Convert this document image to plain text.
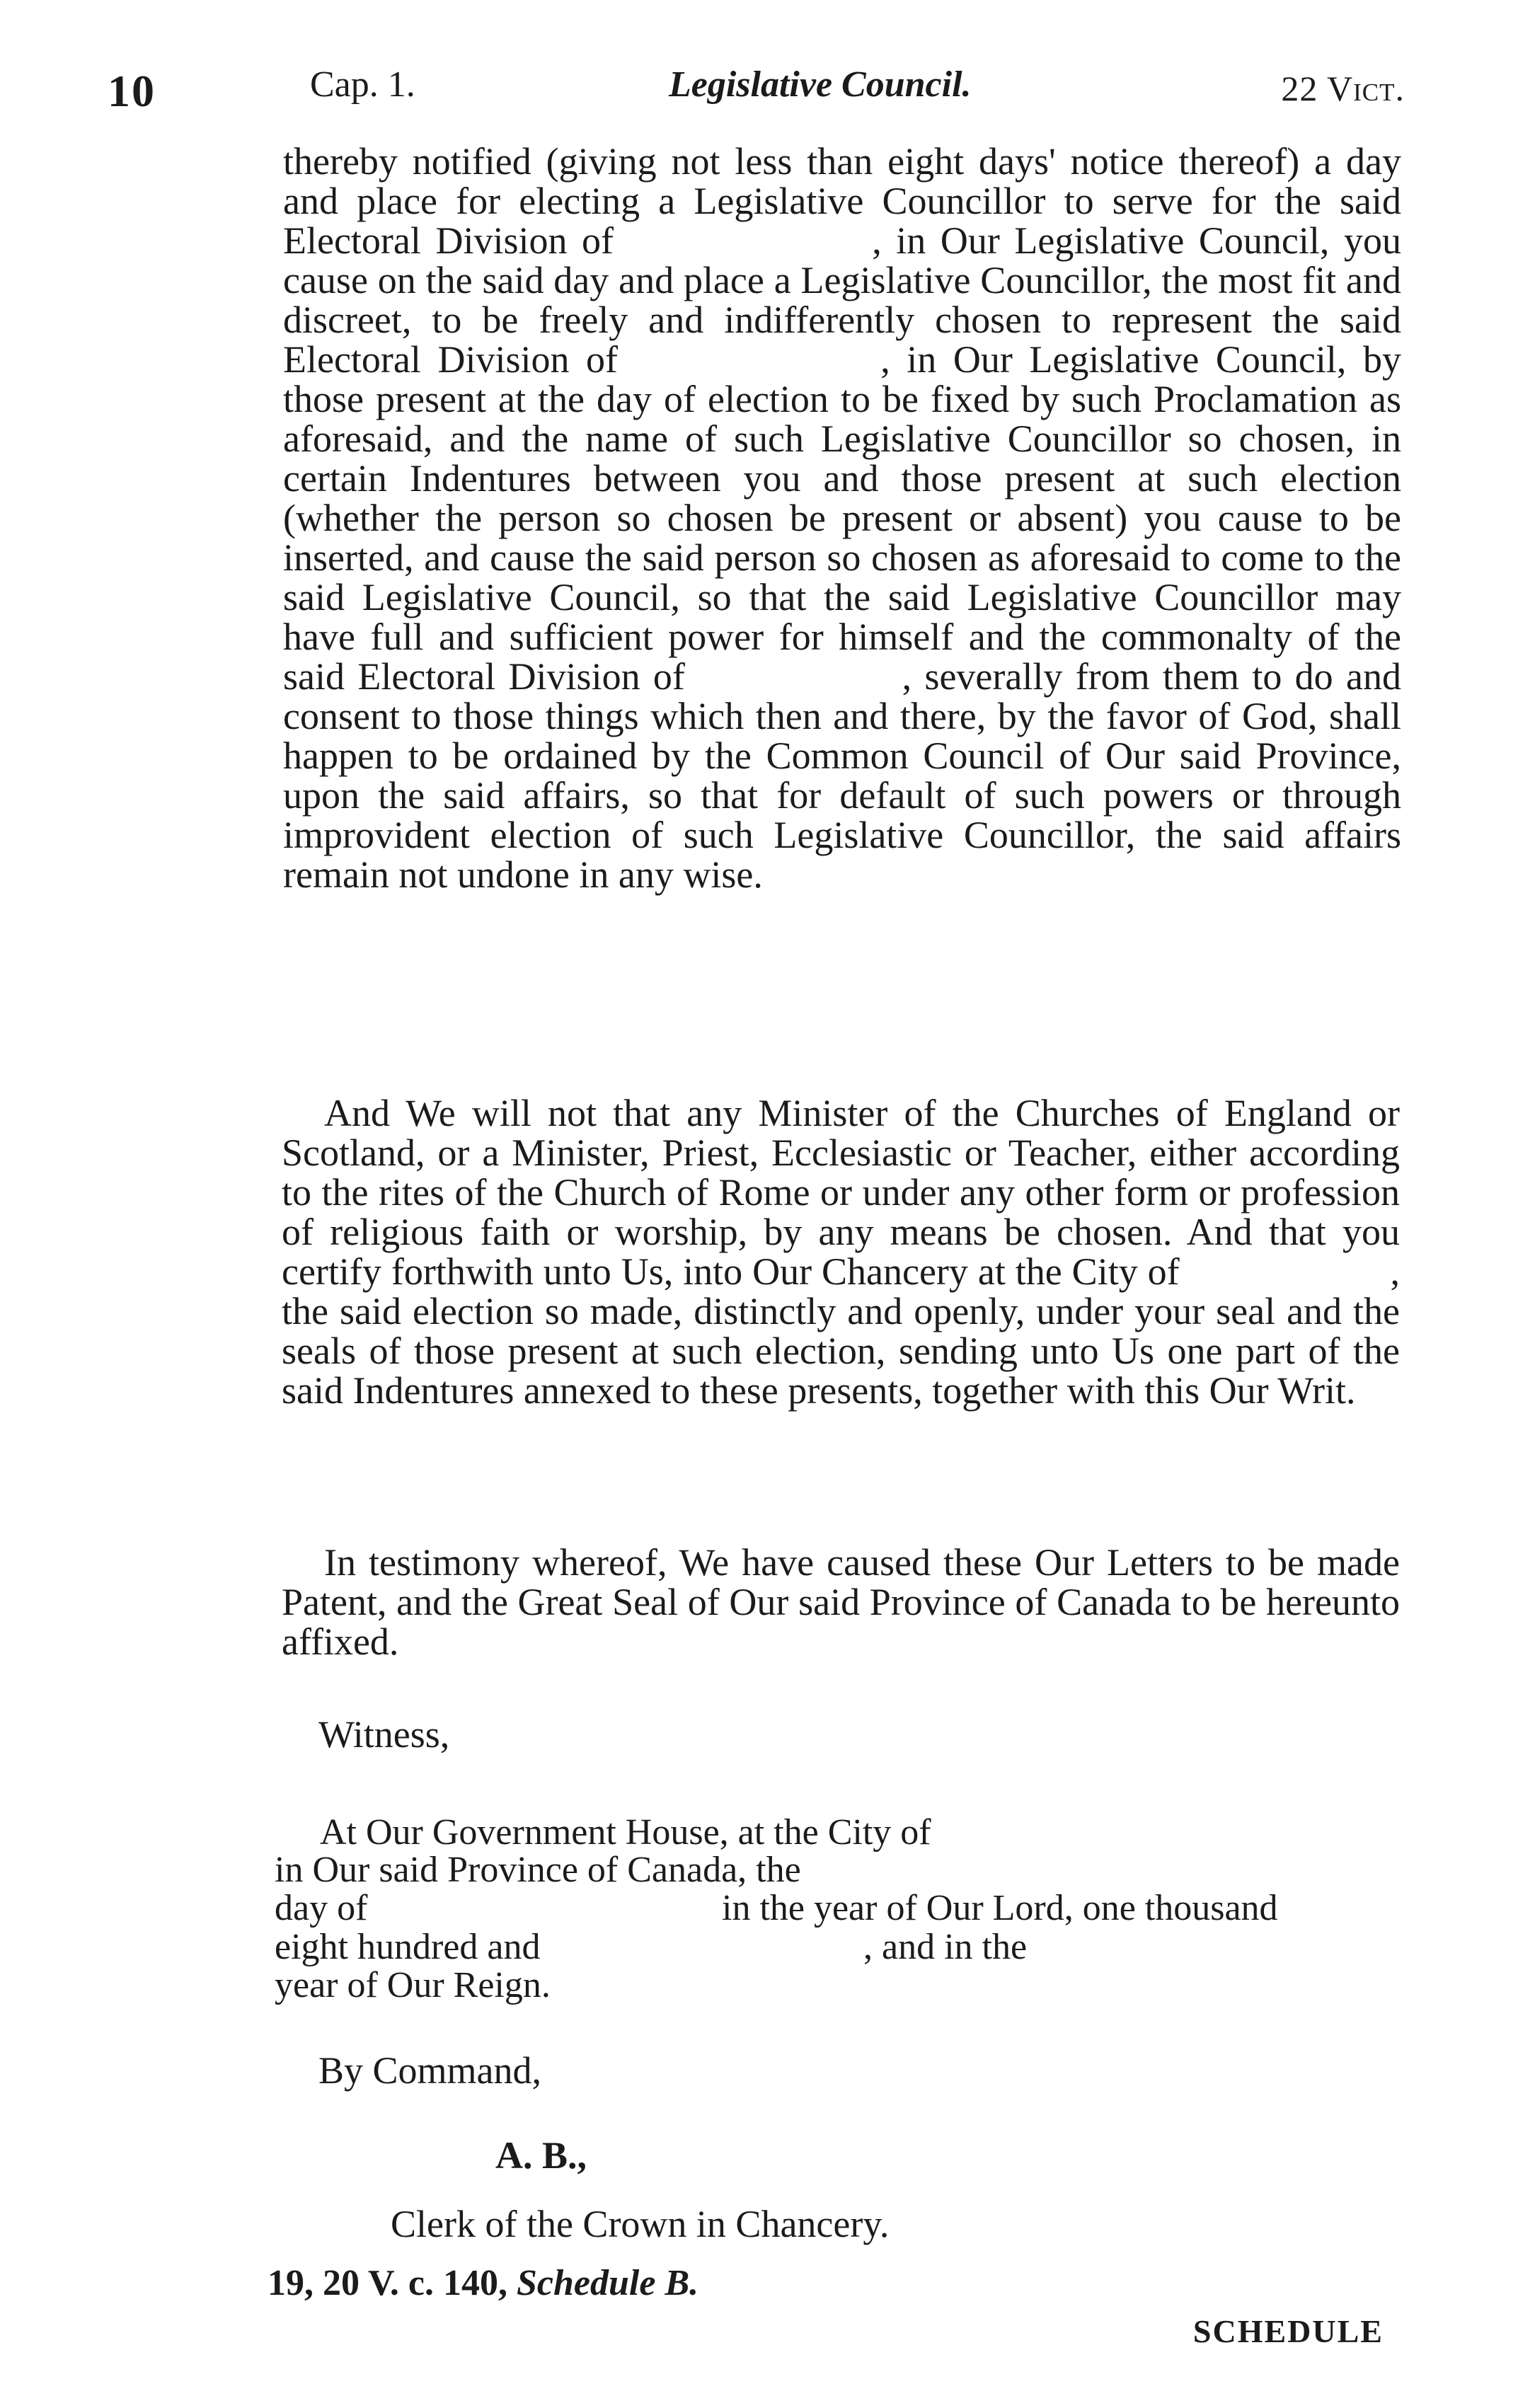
10	Cap. 1.	Legislative Council.	22 Vict.

thereby notified (giving not less than eight days' notice thereof) a day and place for electing a Legislative Councillor to serve for the said Electoral Division of        , in Our Legislative Council, you cause on the said day and place a Legislative Councillor, the most fit and discreet, to be freely and indifferently chosen to represent the said Electoral Division of        , in Our Legislative Council, by those present at the day of election to be fixed by such Proclamation as aforesaid, and the name of such Legislative Councillor so chosen, in certain Indentures between you and those present at such election (whether the person so chosen be present or absent) you cause to be inserted, and cause the said person so chosen as aforesaid to come to the said Legislative Council, so that the said Legislative Councillor may have full and sufficient power for himself and the commonalty of the said Electoral Division of       , severally from them to do and consent to those things which then and there, by the favor of God, shall happen to be ordained by the Common Council of Our said Province, upon the said affairs, so that for default of such powers or through improvident election of such Legislative Councillor, the said affairs remain not undone in any wise.

And We will not that any Minister of the Churches of England or Scotland, or a Minister, Priest, Ecclesiastic or Teacher, either according to the rites of the Church of Rome or under any other form or profession of religious faith or worship, by any means be chosen. And that you certify forthwith unto Us, into Our Chancery at the City of       , the said election so made, distinctly and openly, under your seal and the seals of those present at such election, sending unto Us one part of the said Indentures annexed to these presents, together with this Our Writ.

In testimony whereof, We have caused these Our Letters to be made Patent, and the Great Seal of Our said Province of Canada to be hereunto affixed.

Witness,
At Our Government House, at the City of
in Our said Province of Canada, the
day of	in the year of Our Lord, one thousand
eight hundred and	, and in the
year of Our Reign.
By Command,
A. B.,
Clerk of the Crown in Chancery.
19, 20 V. c. 140, Schedule B.
SCHEDULE
